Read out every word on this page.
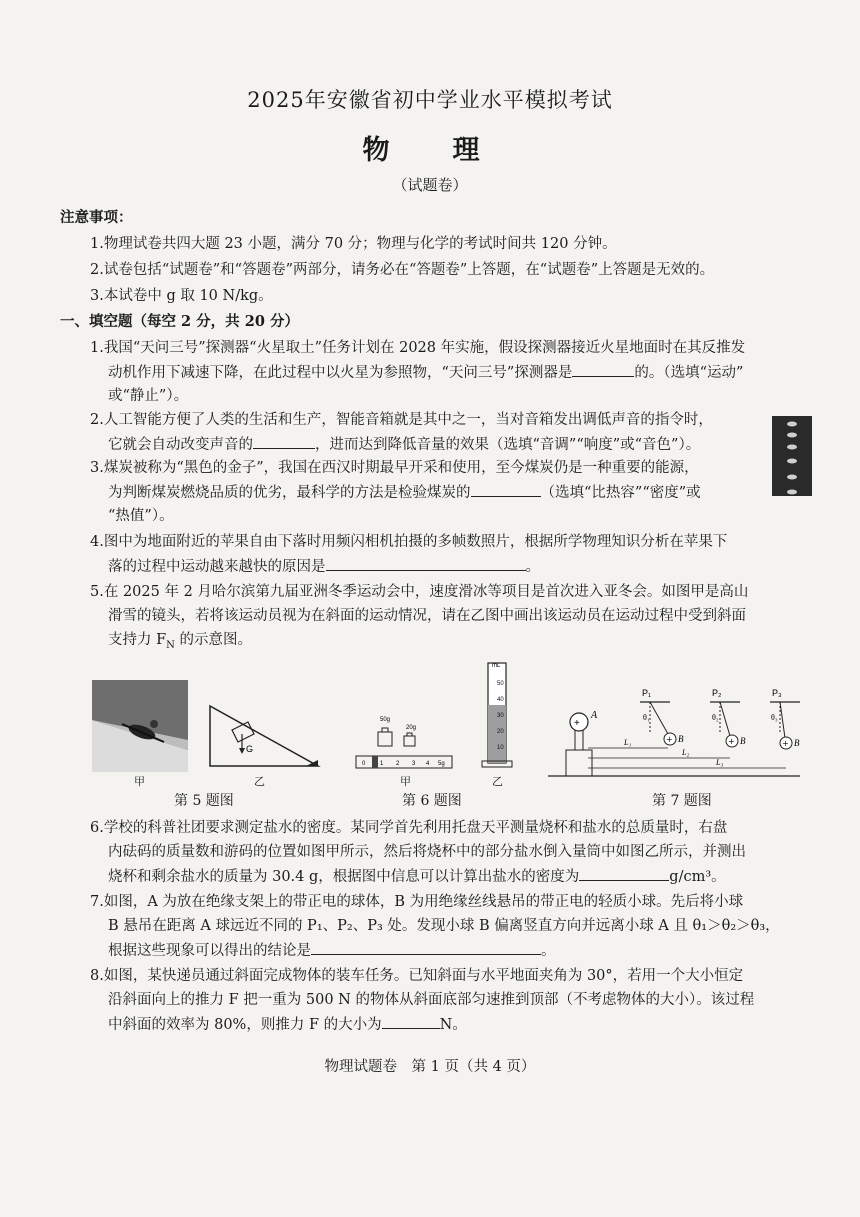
2025年安徽省初中学业水平模拟考试
物　理
（试题卷）
注意事项：
1.物理试卷共四大题 23 小题，满分 70 分；物理与化学的考试时间共 120 分钟。
2.试卷包括“试题卷”和“答题卷”两部分，请务必在“答题卷”上答题，在“试题卷”上答题是无效的。
3.本试卷中 g 取 10 N/kg。
一、填空题（每空 2 分，共 20 分）
1.我国“天问三号”探测器“火星取土”任务计划在 2028 年实施，假设探测器接近火星地面时在其反推发
动机作用下减速下降，在此过程中以火星为参照物，“天问三号”探测器是	的。（选填“运动”
或“静止”）。
2.人工智能方便了人类的生活和生产，智能音箱就是其中之一，当对音箱发出调低声音的指令时，
它就会自动改变声音的	，进而达到降低音量的效果（选填“音调”“响度”或“音色”）。
3.煤炭被称为“黑色的金子”，我国在西汉时期最早开采和使用，至今煤炭仍是一种重要的能源，
为判断煤炭燃烧品质的优劣，最科学的方法是检验煤炭的	（选填“比热容”“密度”或
“热值”）。
4.图中为地面附近的苹果自由下落时用频闪相机拍摄的多帧数照片，根据所学物理知识分析在苹果下
落的过程中运动越来越快的原因是	。
5.在 2025 年 2 月哈尔滨第九届亚洲冬季运动会中，速度滑冰等项目是首次进入亚冬会。如图甲是高山
滑雪的镜头，若将该运动员视为在斜面的运动情况，请在乙图中画出该运动员在运动过程中受到斜面
支持力 $F_N$ 的示意图。
甲
G
乙
50g
20g
0 1 2 3 4 5g
甲
mL
50
40
30
20
10
乙
+
A
P₁
θ₁
+ B
P₂
θ₂
+ B
P₃
θ₃
+ B
L₁
L₂
L₃
第 5 题图	第 6 题图	第 7 题图
6.学校的科普社团要求测定盐水的密度。某同学首先利用托盘天平测量烧杯和盐水的总质量时，右盘
内砝码的质量数和游码的位置如图甲所示，然后将烧杯中的部分盐水倒入量筒中如图乙所示，并测出
烧杯和剩余盐水的质量为 30.4 g，根据图中信息可以计算出盐水的密度为	g/cm³。
7.如图，A 为放在绝缘支架上的带正电的球体，B 为用绝缘丝线悬吊的带正电的轻质小球。先后将小球
B 悬吊在距离 A 球远近不同的 P₁、P₂、P₃ 处。发现小球 B 偏离竖直方向并远离小球 A 且 θ₁＞θ₂＞θ₃，
根据这些现象可以得出的结论是	。
8.如图，某快递员通过斜面完成物体的装车任务。已知斜面与水平地面夹角为 30°，若用一个大小恒定
沿斜面向上的推力 F 把一重为 500 N 的物体从斜面底部匀速推到顶部（不考虑物体的大小）。该过程
中斜面的效率为 80%，则推力 F 的大小为	N。
物理试题卷　第 1 页（共 4 页）
